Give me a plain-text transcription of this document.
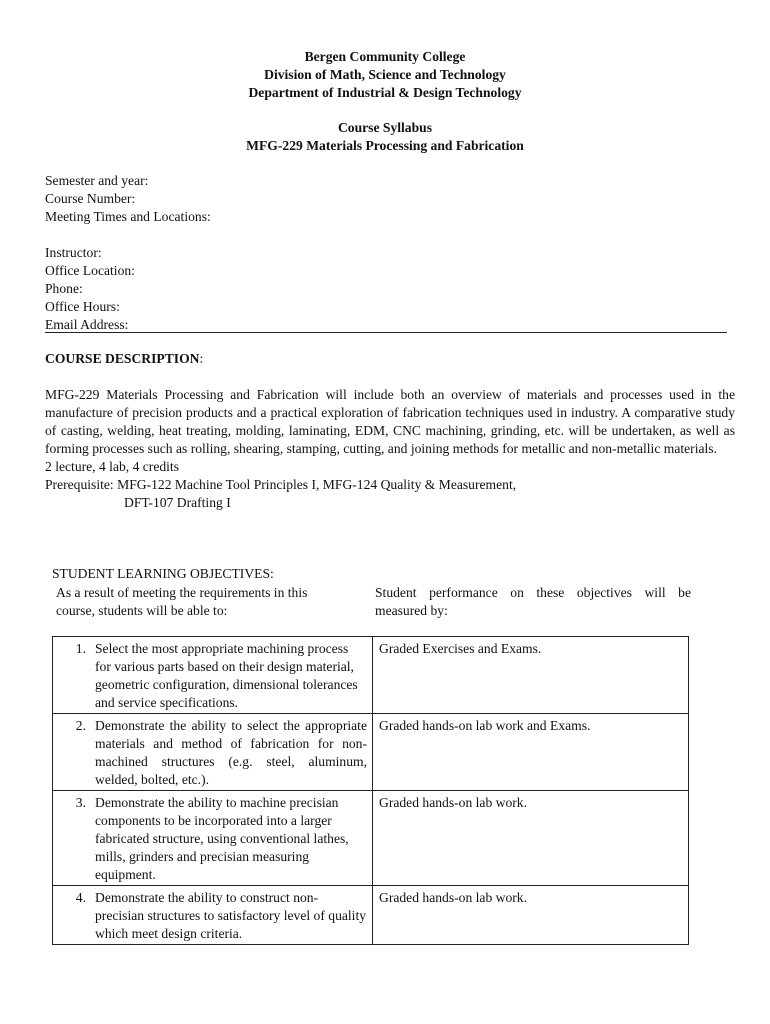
Bergen Community College
Division of Math, Science and Technology
Department of Industrial & Design Technology
Course Syllabus
MFG-229 Materials Processing and Fabrication
Semester and year:
Course Number:
Meeting Times and Locations:
Instructor:
Office Location:
Phone:
Office Hours:
Email Address:
COURSE DESCRIPTION:

MFG-229 Materials Processing and Fabrication will include both an overview of materials and processes used in the manufacture of precision products and a practical exploration of fabrication techniques used in industry. A comparative study of casting, welding, heat treating, molding, laminating, EDM, CNC machining, grinding, etc. will be undertaken, as well as forming processes such as rolling, shearing, stamping, cutting, and joining methods for metallic and non-metallic materials.

2 lecture, 4 lab, 4 credits

Prerequisite: MFG-122 Machine Tool Principles I, MFG-124 Quality & Measurement,

DFT-107 Drafting I

STUDENT LEARNING OBJECTIVES:
As a result of meeting the requirements in this course, students will be able to:
Student performance on these objectives will be measured by:
1.	Select the most appropriate machining process for various parts based on their design material, geometric configuration, dimensional tolerances and service specifications.	Graded Exercises and Exams.
2.	Demonstrate the ability to select the appropriate materials and method of fabrication for non-machined structures (e.g. steel, aluminum, welded, bolted, etc.).	Graded hands-on lab work and Exams.
3.	Demonstrate the ability to machine precisian components to be incorporated into a larger fabricated structure, using conventional lathes, mills, grinders and precisian measuring equipment.	Graded hands-on lab work.
4.	Demonstrate the ability to construct non-precisian structures to satisfactory level of quality which meet design criteria.	Graded hands-on lab work.
